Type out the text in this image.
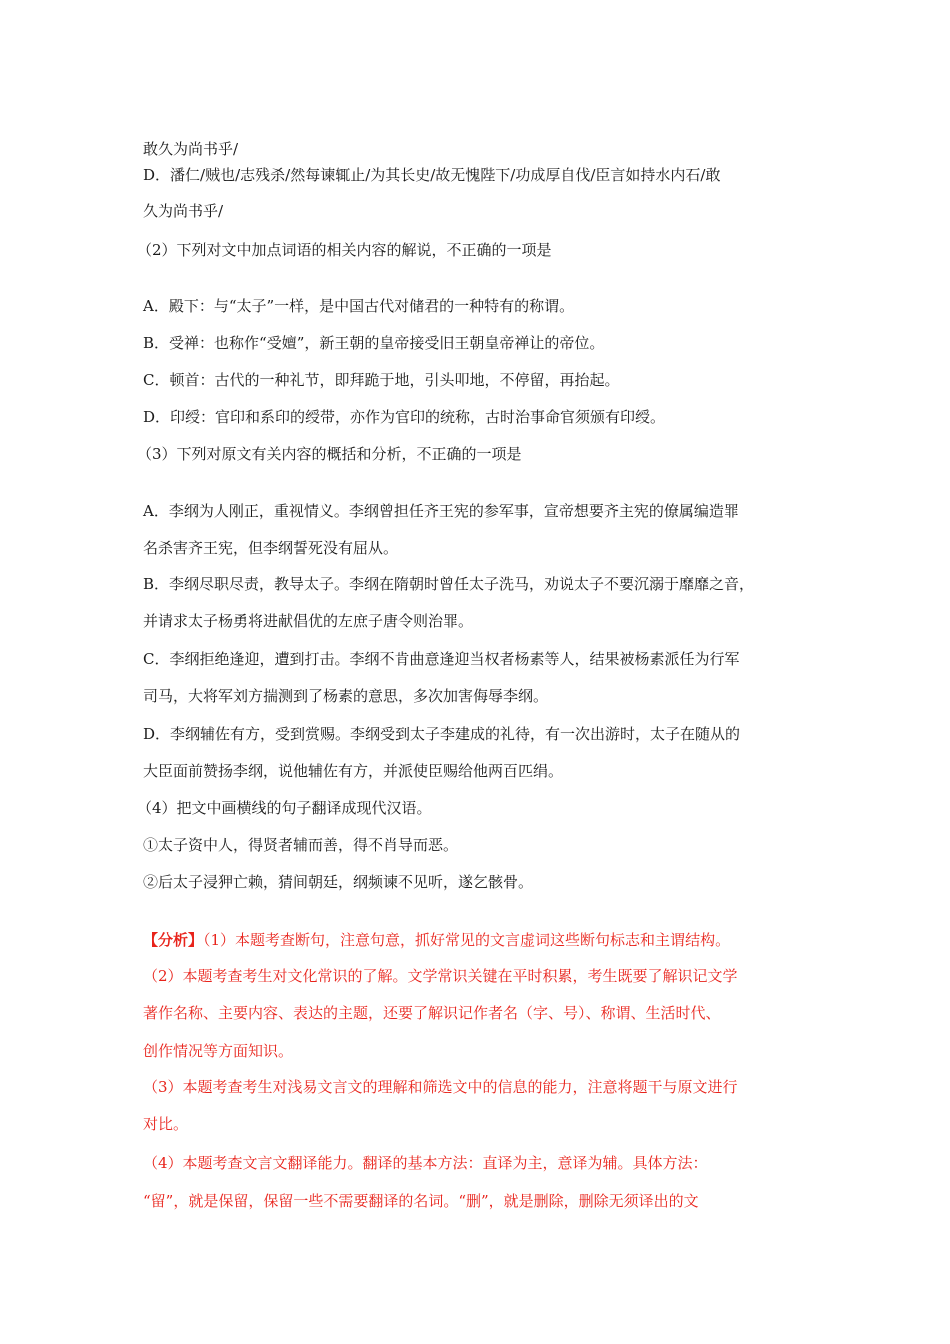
敢久为尚书乎/
D．潘仁/贼也/志残杀/然每谏辄止/为其长史/故无愧陛下/功成厚自伐/臣言如持水内石/敢
久为尚书乎/
（2）下列对文中加点词语的相关内容的解说，不正确的一项是
A．殿下：与“太子”一样，是中国古代对储君的一种特有的称谓。
B．受禅：也称作“受嬗”，新王朝的皇帝接受旧王朝皇帝禅让的帝位。
C．顿首：古代的一种礼节，即拜跪于地，引头叩地，不停留，再抬起。
D．印绶：官印和系印的绶带，亦作为官印的统称，古时治事命官须颁有印绶。
（3）下列对原文有关内容的概括和分析，不正确的一项是
A．李纲为人刚正，重视情义。李纲曾担任齐王宪的参军事，宣帝想要齐主宪的僚属编造罪
名杀害齐王宪，但李纲誓死没有屈从。
B．李纲尽职尽责，教导太子。李纲在隋朝时曾任太子洗马，劝说太子不要沉溺于靡靡之音，
并请求太子杨勇将进献倡优的左庶子唐令则治罪。
C．李纲拒绝逢迎，遭到打击。李纲不肯曲意逢迎当权者杨素等人，结果被杨素派任为行军
司马，大将军刘方揣测到了杨素的意思，多次加害侮辱李纲。
D．李纲辅佐有方，受到赏赐。李纲受到太子李建成的礼待，有一次出游时，太子在随从的
大臣面前赞扬李纲，说他辅佐有方，并派使臣赐给他两百匹绢。
（4）把文中画横线的句子翻译成现代汉语。
①太子资中人，得贤者辅而善，得不肖导而恶。
②后太子浸狎亡赖，猜间朝廷，纲频谏不见听，遂乞骸骨。
【分析】（1）本题考查断句，注意句意，抓好常见的文言虚词这些断句标志和主谓结构。
（2）本题考查考生对文化常识的了解。文学常识关键在平时积累，考生既要了解识记文学
著作名称、主要内容、表达的主题，还要了解识记作者名（字、号）、称谓、生活时代、
创作情况等方面知识。
（3）本题考查考生对浅易文言文的理解和筛选文中的信息的能力，注意将题干与原文进行
对比。
（4）本题考查文言文翻译能力。翻译的基本方法：直译为主，意译为辅。具体方法：
“留”，就是保留，保留一些不需要翻译的名词。“删”，就是删除，删除无须译出的文
